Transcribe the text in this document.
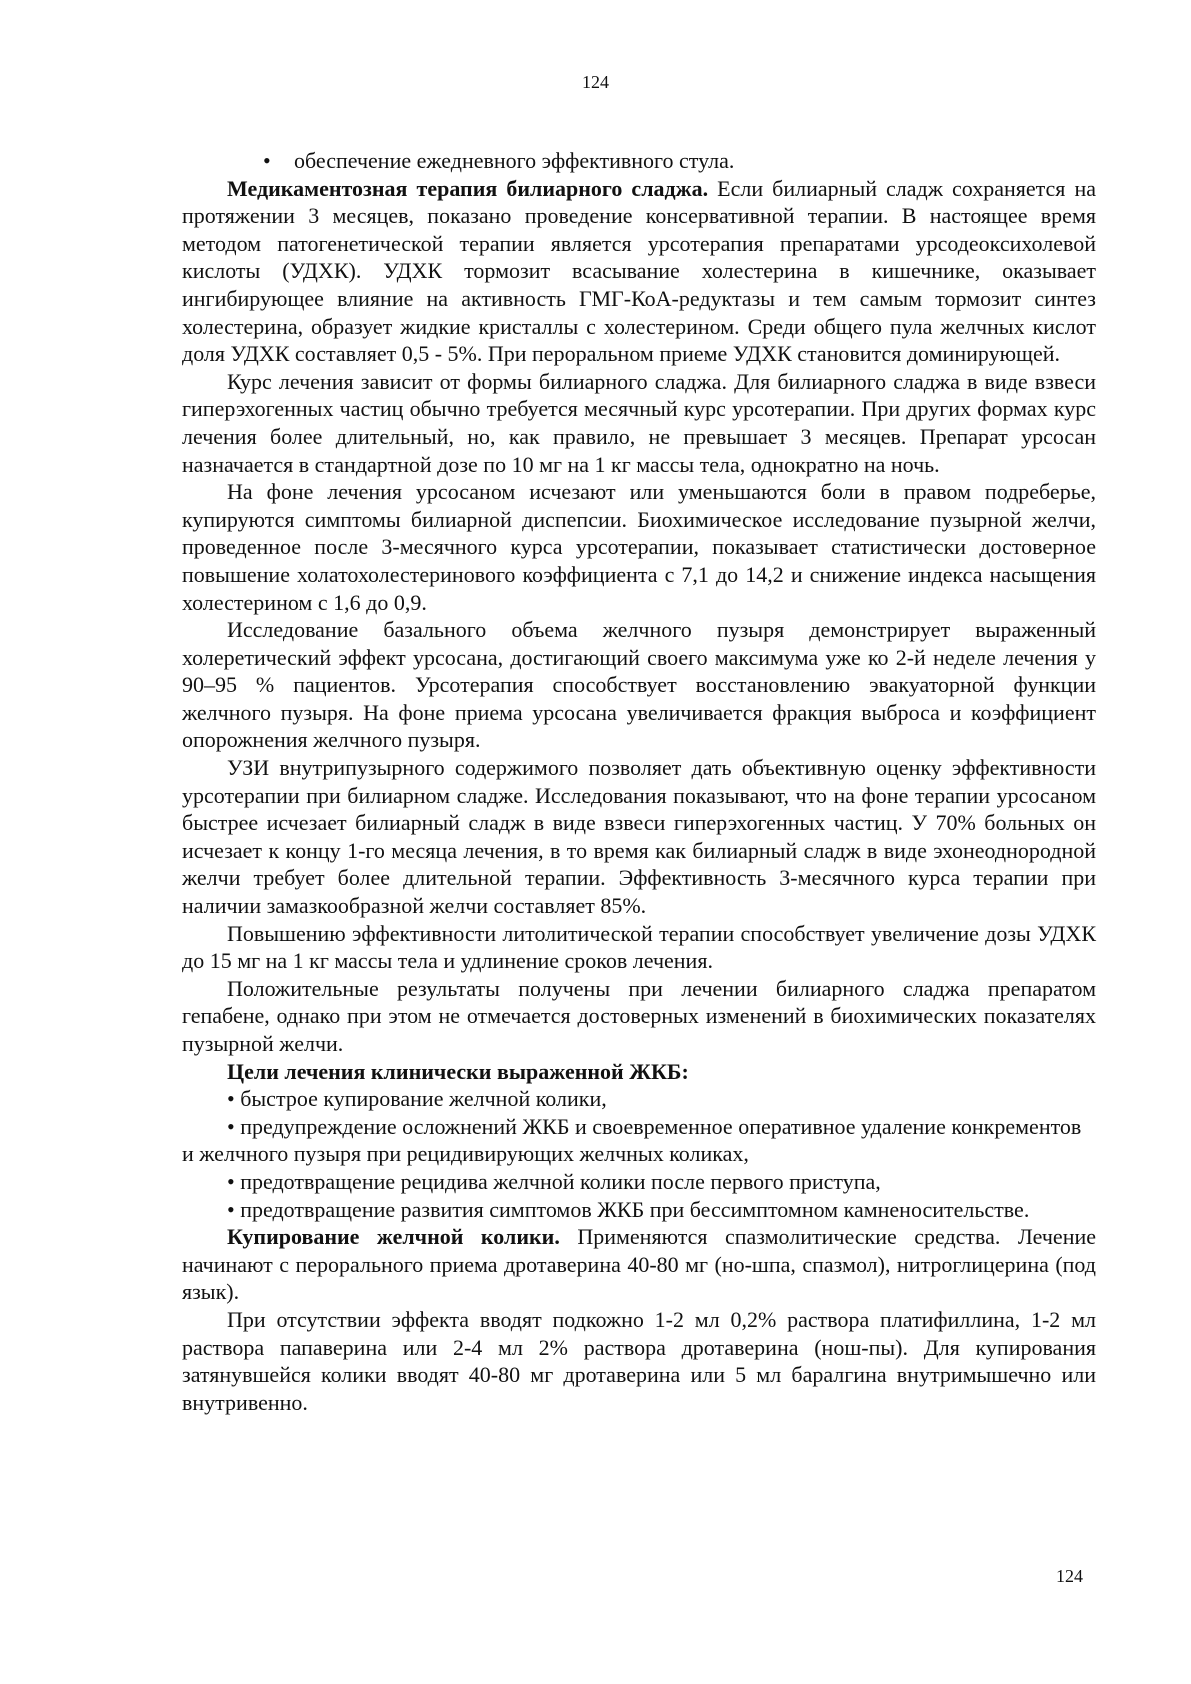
124

•	обеспечение ежедневного эффективного стула.

Медикаментозная терапия билиарного сладжа. Если билиарный сладж сохраняется на протяжении 3 месяцев, показано проведение консервативной терапии. В настоящее время методом патогенетической терапии является урсотерапия препаратами урсодеоксихолевой кислоты (УДХК). УДХК тормозит всасывание холестерина в кишечнике, оказывает ингибирующее влияние на активность ГМГ-КоА-редуктазы и тем самым тормозит синтез холестерина, образует жидкие кристаллы с холестерином. Среди общего пула желчных кислот доля УДХК составляет 0,5 - 5%. При пероральном приеме УДХК становится доминирующей.

Курс лечения зависит от формы билиарного сладжа. Для билиарного сладжа в виде взвеси гиперэхогенных частиц обычно требуется месячный курс урсотерапии. При других формах курс лечения более длительный, но, как правило, не превышает 3 месяцев. Препарат урсосан назначается в стандартной дозе по 10 мг на 1 кг массы тела, однократно на ночь.

На фоне лечения урсосаном исчезают или уменьшаются боли в правом подреберье, купируются симптомы билиарной диспепсии. Биохимическое исследование пузырной желчи, проведенное после 3-месячного курса урсотерапии, показывает статистически достоверное повышение холатохолестеринового коэффициента с 7,1 до 14,2 и снижение индекса насыщения холестерином с 1,6 до 0,9.

Исследование базального объема желчного пузыря демонстрирует выраженный холеретический эффект урсосана, достигающий своего максимума уже ко 2-й неделе лечения у 90–95 % пациентов. Урсотерапия способствует восстановлению эвакуаторной функции желчного пузыря. На фоне приема урсосана увеличивается фракция выброса и коэффициент опорожнения желчного пузыря.

УЗИ внутрипузырного содержимого позволяет дать объективную оценку эффективности урсотерапии при билиарном сладже. Исследования показывают, что на фоне терапии урсосаном быстрее исчезает билиарный сладж в виде взвеси гиперэхогенных частиц. У 70% больных он исчезает к концу 1-го месяца лечения, в то время как билиарный сладж в виде эхонеоднородной желчи требует более длительной терапии. Эффективность 3-месячного курса терапии при наличии замазкообразной желчи составляет 85%.

Повышению эффективности литолитической терапии способствует увеличение дозы УДХК до 15 мг на 1 кг массы тела и удлинение сроков лечения.

Положительные результаты получены при лечении билиарного сладжа препаратом гепабене, однако при этом не отмечается достоверных изменений в биохимических показателях пузырной желчи.

Цели лечения клинически выраженной ЖКБ:

• быстрое купирование желчной колики,

• предупреждение осложнений ЖКБ и своевременное оперативное удаление конкрементов и желчного пузыря при рецидивирующих желчных коликах,

• предотвращение рецидива желчной колики после первого приступа,

• предотвращение развития симптомов ЖКБ при бессимптомном камненосительстве.

Купирование желчной колики. Применяются спазмолитические средства. Лечение начинают с перорального приема дротаверина 40-80 мг (но-шпа, спазмол), нитроглицерина (под язык).

При отсутствии эффекта вводят подкожно 1-2 мл 0,2% раствора платифиллина, 1-2 мл раствора папаверина или 2-4 мл 2% раствора дротаверина (нош-пы). Для купирования затянувшейся колики вводят 40-80 мг дротаверина или 5 мл баралгина внутримышечно или внутривенно.

124
